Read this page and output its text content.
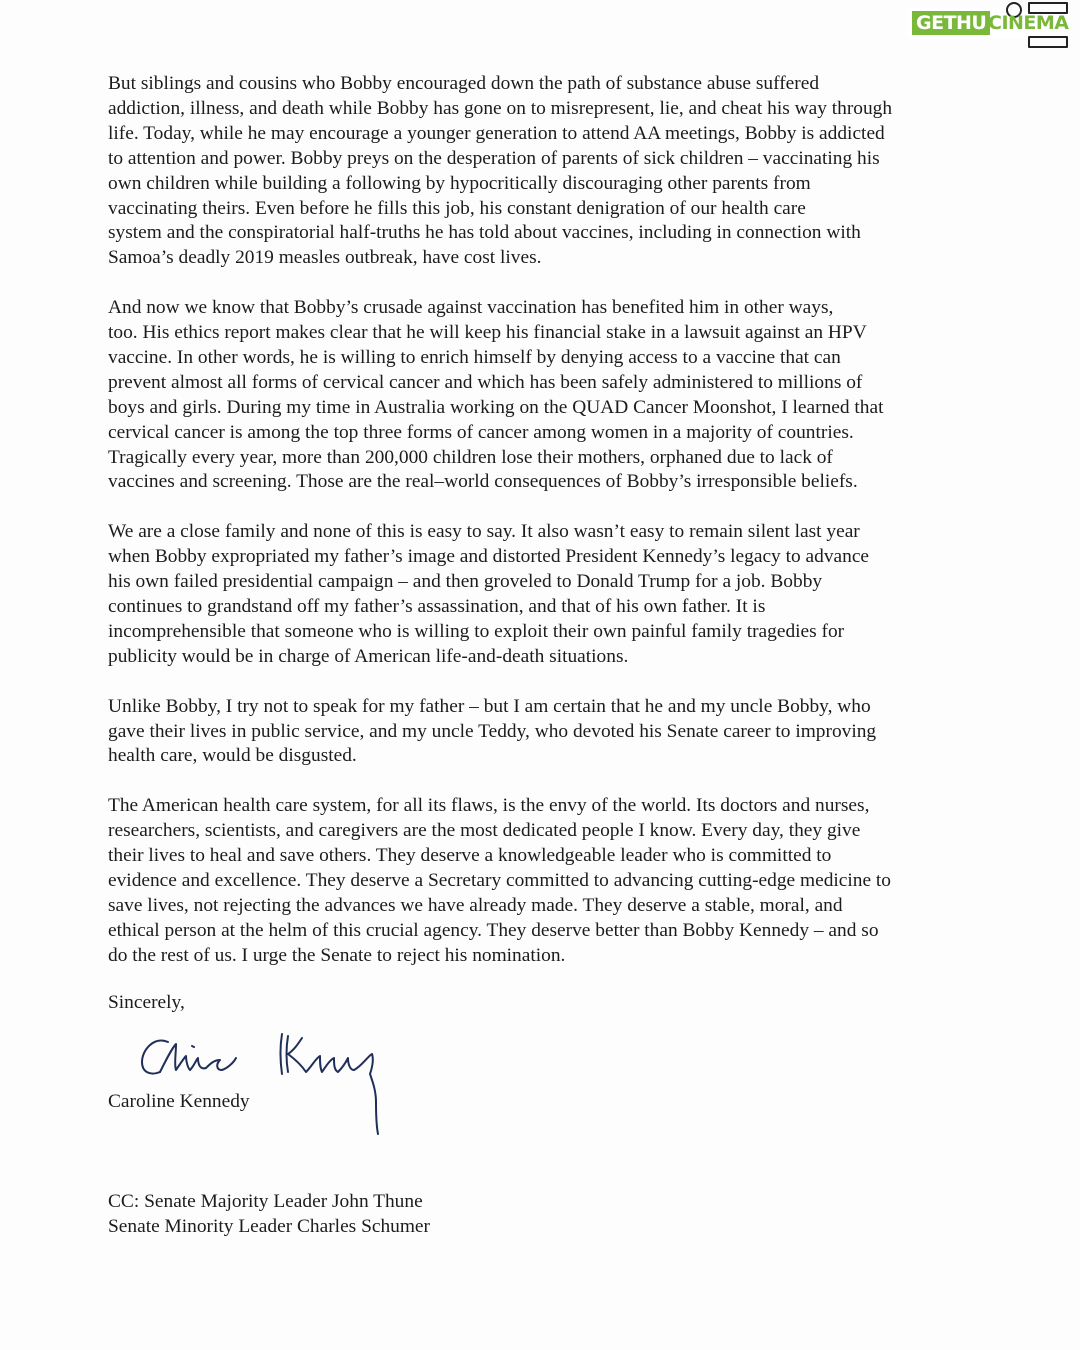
But siblings and cousins who Bobby encouraged down the path of substance abuse suffered
addiction, illness, and death while Bobby has gone on to misrepresent, lie, and cheat his way through
life. Today, while he may encourage a younger generation to attend AA meetings, Bobby is addicted
to attention and power. Bobby preys on the desperation of parents of sick children – vaccinating his
own children while building a following by hypocritically discouraging other parents from
vaccinating theirs. Even before he fills this job, his constant denigration of our health care
system and the conspiratorial half-truths he has told about vaccines, including in connection with
Samoa’s deadly 2019 measles outbreak, have cost lives.

And now we know that Bobby’s crusade against vaccination has benefited him in other ways,
too. His ethics report makes clear that he will keep his financial stake in a lawsuit against an HPV
vaccine. In other words, he is willing to enrich himself by denying access to a vaccine that can
prevent almost all forms of cervical cancer and which has been safely administered to millions of
boys and girls. During my time in Australia working on the QUAD Cancer Moonshot, I learned that
cervical cancer is among the top three forms of cancer among women in a majority of countries.
Tragically every year, more than 200,000 children lose their mothers, orphaned due to lack of
vaccines and screening. Those are the real–world consequences of Bobby’s irresponsible beliefs.

We are a close family and none of this is easy to say. It also wasn’t easy to remain silent last year
when Bobby expropriated my father’s image and distorted President Kennedy’s legacy to advance
his own failed presidential campaign – and then groveled to Donald Trump for a job. Bobby
continues to grandstand off my father’s assassination, and that of his own father. It is
incomprehensible that someone who is willing to exploit their own painful family tragedies for
publicity would be in charge of American life-and-death situations.

Unlike Bobby, I try not to speak for my father – but I am certain that he and my uncle Bobby, who
gave their lives in public service, and my uncle Teddy, who devoted his Senate career to improving
health care, would be disgusted.

The American health care system, for all its flaws, is the envy of the world. Its doctors and nurses,
researchers, scientists, and caregivers are the most dedicated people I know. Every day, they give
their lives to heal and save others. They deserve a knowledgeable leader who is committed to
evidence and excellence. They deserve a Secretary committed to advancing cutting-edge medicine to
save lives, not rejecting the advances we have already made. They deserve a stable, moral, and
ethical person at the helm of this crucial agency. They deserve better than Bobby Kennedy – and so
do the rest of us. I urge the Senate to reject his nomination.

Sincerely,
Caroline Kennedy
CC: Senate Majority Leader John Thune
Senate Minority Leader Charles Schumer
GETHU CINEMA
